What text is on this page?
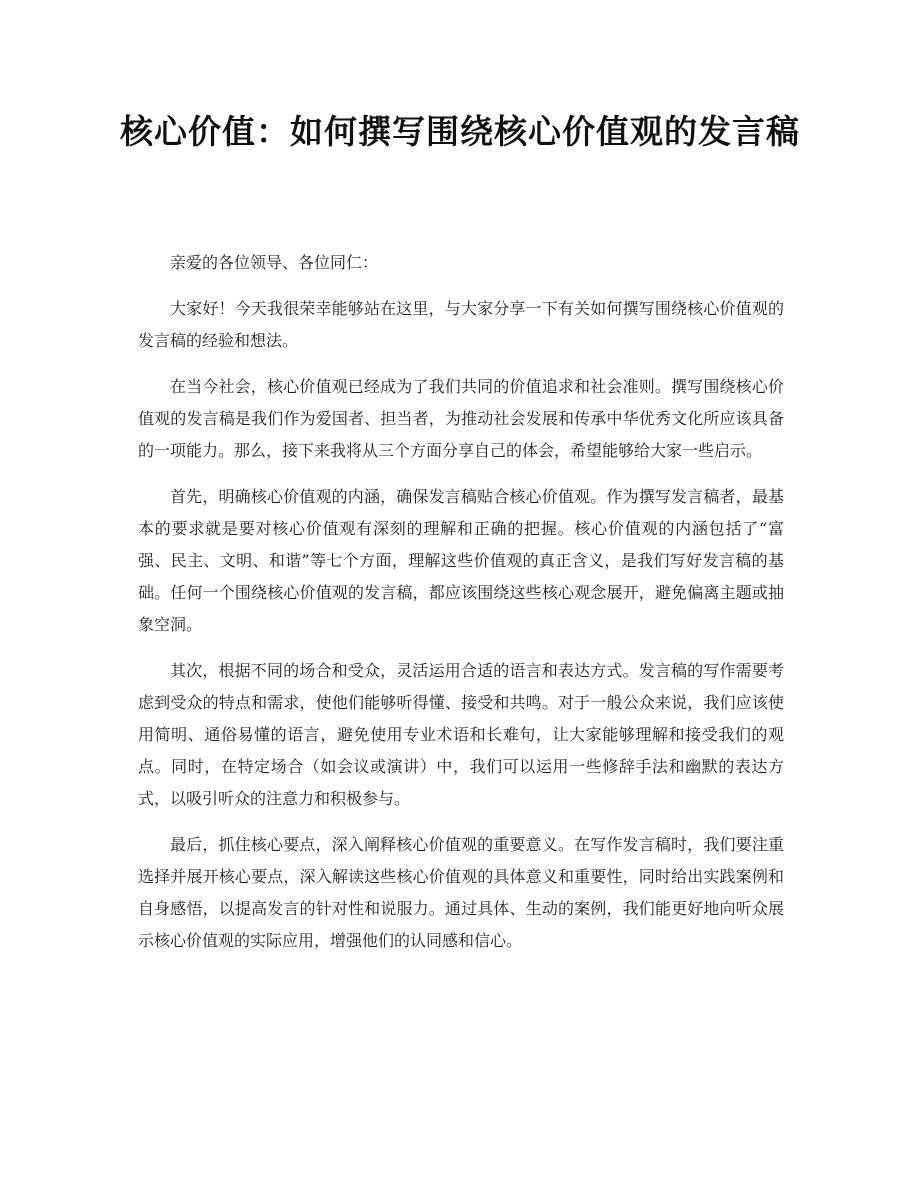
核心价值：如何撰写围绕核心价值观的发言稿

亲爱的各位领导、各位同仁：

大家好！今天我很荣幸能够站在这里，与大家分享一下有关如何撰写围绕核心价值观的发言稿的经验和想法。

在当今社会，核心价值观已经成为了我们共同的价值追求和社会准则。撰写围绕核心价值观的发言稿是我们作为爱国者、担当者，为推动社会发展和传承中华优秀文化所应该具备的一项能力。那么，接下来我将从三个方面分享自己的体会，希望能够给大家一些启示。

首先，明确核心价值观的内涵，确保发言稿贴合核心价值观。作为撰写发言稿者，最基本的要求就是要对核心价值观有深刻的理解和正确的把握。核心价值观的内涵包括了“富强、民主、文明、和谐”等七个方面，理解这些价值观的真正含义，是我们写好发言稿的基础。任何一个围绕核心价值观的发言稿，都应该围绕这些核心观念展开，避免偏离主题或抽象空洞。

其次，根据不同的场合和受众，灵活运用合适的语言和表达方式。发言稿的写作需要考虑到受众的特点和需求，使他们能够听得懂、接受和共鸣。对于一般公众来说，我们应该使用简明、通俗易懂的语言，避免使用专业术语和长难句，让大家能够理解和接受我们的观点。同时，在特定场合（如会议或演讲）中，我们可以运用一些修辞手法和幽默的表达方式，以吸引听众的注意力和积极参与。

最后，抓住核心要点，深入阐释核心价值观的重要意义。在写作发言稿时，我们要注重选择并展开核心要点，深入解读这些核心价值观的具体意义和重要性，同时给出实践案例和自身感悟，以提高发言的针对性和说服力。通过具体、生动的案例，我们能更好地向听众展示核心价值观的实际应用，增强他们的认同感和信心。
